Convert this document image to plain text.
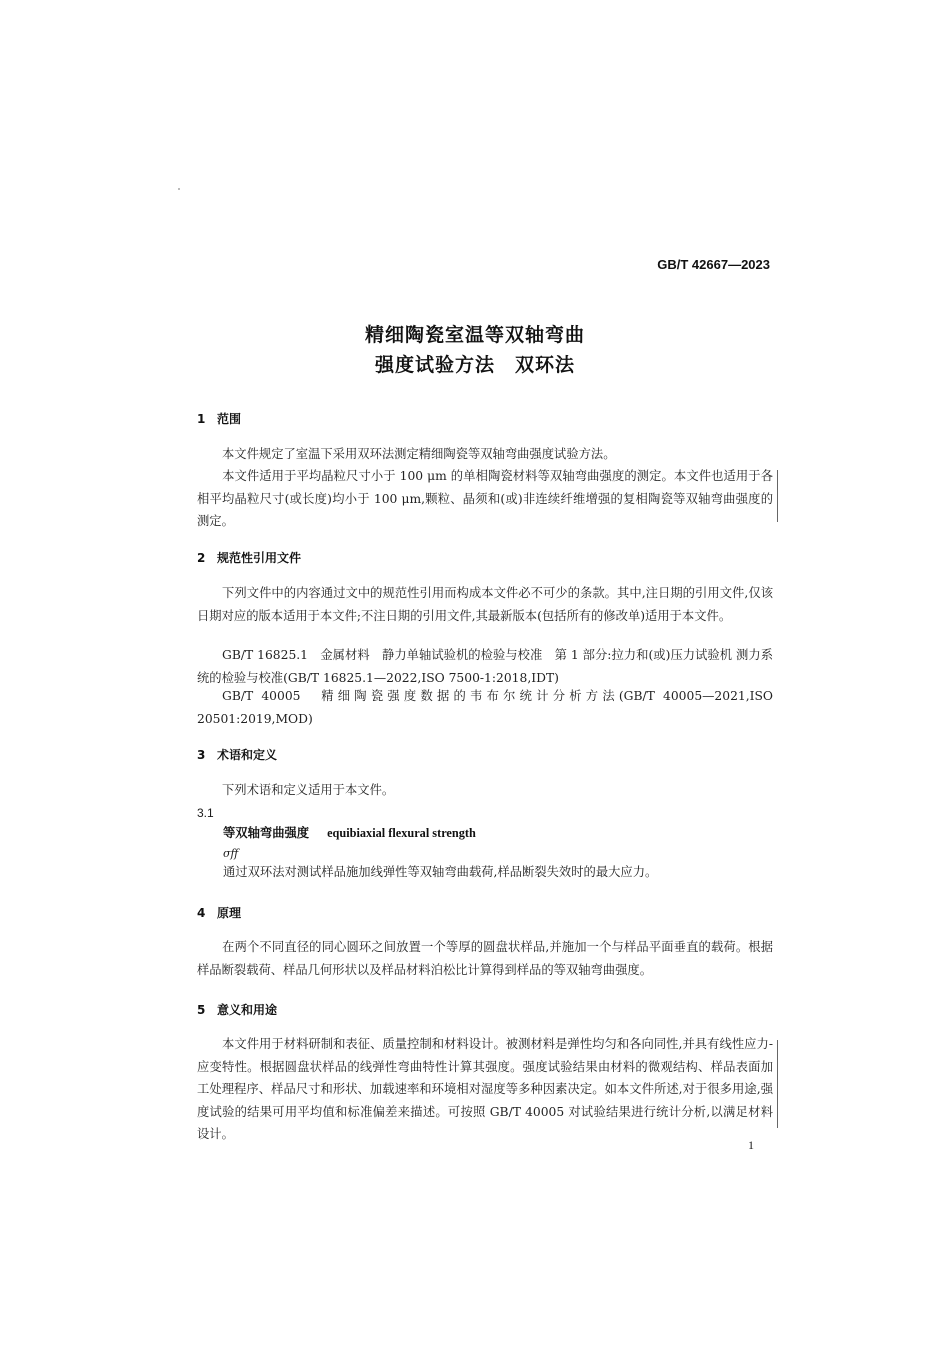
GB/T 42667—2023
精细陶瓷室温等双轴弯曲
强度试验方法　双环法
1 范围
本文件规定了室温下采用双环法测定精细陶瓷等双轴弯曲强度试验方法。
本文件适用于平均晶粒尺寸小于 100 μm 的单相陶瓷材料等双轴弯曲强度的测定。本文件也适用于各相平均晶粒尺寸(或长度)均小于 100 μm,颗粒、晶须和(或)非连续纤维增强的复相陶瓷等双轴弯曲强度的测定。
2 规范性引用文件
下列文件中的内容通过文中的规范性引用而构成本文件必不可少的条款。其中,注日期的引用文件,仅该日期对应的版本适用于本文件;不注日期的引用文件,其最新版本(包括所有的修改单)适用于本文件。
GB/T 16825.1　金属材料　静力单轴试验机的检验与校准　第 1 部分:拉力和(或)压力试验机 测力系统的检验与校准(GB/T 16825.1—2022,ISO 7500-1:2018,IDT)
GB/T 40005　精细陶瓷强度数据的韦布尔统计分析方法(GB/T 40005—2021,ISO 20501:2019,MOD)
3 术语和定义
下列术语和定义适用于本文件。
3.1
等双轴弯曲强度 equibiaxial flexural strength
σff
通过双环法对测试样品施加线弹性等双轴弯曲载荷,样品断裂失效时的最大应力。
4 原理
在两个不同直径的同心圆环之间放置一个等厚的圆盘状样品,并施加一个与样品平面垂直的载荷。根据样品断裂载荷、样品几何形状以及样品材料泊松比计算得到样品的等双轴弯曲强度。
5 意义和用途
本文件用于材料研制和表征、质量控制和材料设计。被测材料是弹性均匀和各向同性,并具有线性应力-应变特性。根据圆盘状样品的线弹性弯曲特性计算其强度。强度试验结果由材料的微观结构、样品表面加工处理程序、样品尺寸和形状、加载速率和环境相对湿度等多种因素决定。如本文件所述,对于很多用途,强度试验的结果可用平均值和标准偏差来描述。可按照 GB/T 40005 对试验结果进行统计分析,以满足材料设计。
1
